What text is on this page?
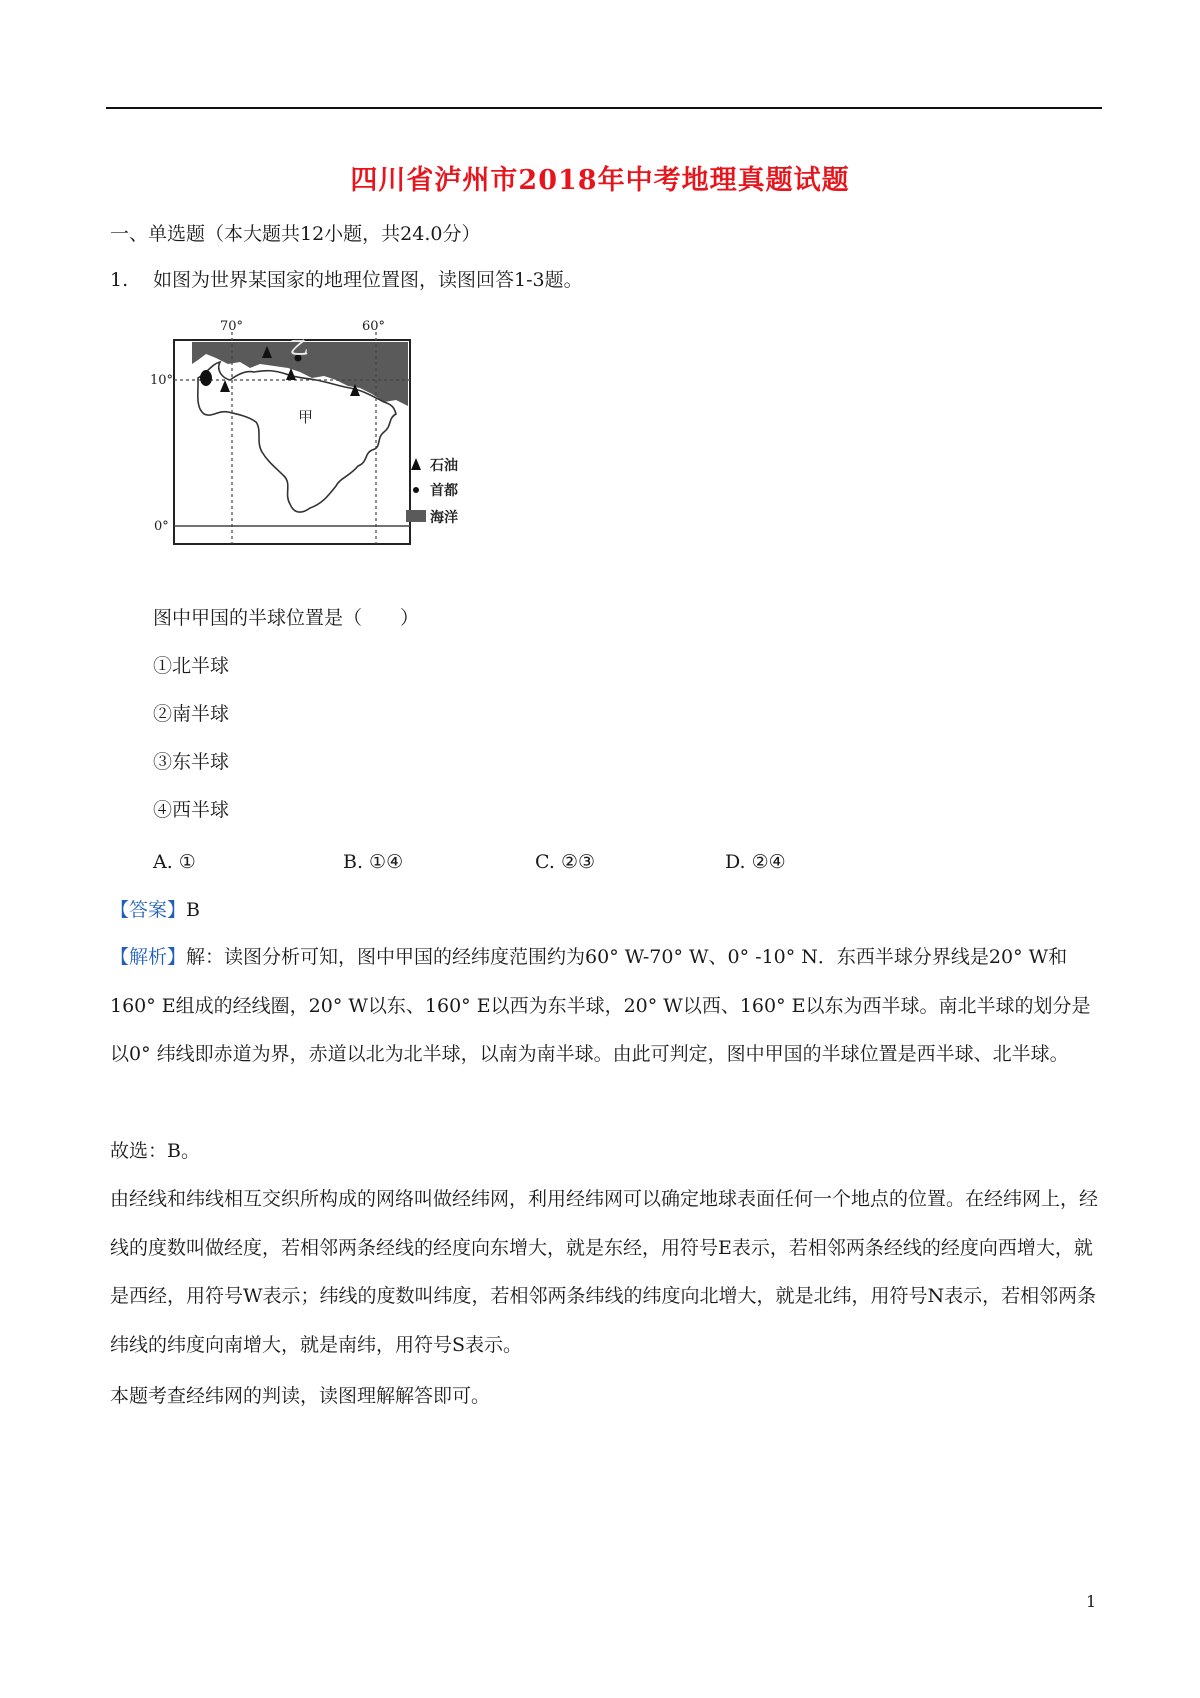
四川省泸州市2018年中考地理真题试题
一、单选题（本大题共12小题，共24.0分）
1. 如图为世界某国家的地理位置图，读图回答1-3题。
70°	60°
10°
0°
甲
乙
石油
首都
海洋
图中甲国的半球位置是（　　）
①北半球
②南半球
③东半球
④西半球
A. ①	B. ①④	C. ②③	D. ②④
【答案】B
【解析】解：读图分析可知，图中甲国的经纬度范围约为60° W-70° W、0° -10° N．东西半球分界线是20° W和160° E组成的经线圈，20° W以东、160° E以西为东半球，20° W以西、160° E以东为西半球。南北半球的划分是以0° 纬线即赤道为界，赤道以北为北半球，以南为南半球。由此可判定，图中甲国的半球位置是西半球、北半球。
故选：B。
由经线和纬线相互交织所构成的网络叫做经纬网，利用经纬网可以确定地球表面任何一个地点的位置。在经纬网上，经线的度数叫做经度，若相邻两条经线的经度向东增大，就是东经，用符号E表示，若相邻两条经线的经度向西增大，就是西经，用符号W表示；纬线的度数叫纬度，若相邻两条纬线的纬度向北增大，就是北纬，用符号N表示，若相邻两条纬线的纬度向南增大，就是南纬，用符号S表示。
本题考查经纬网的判读，读图理解解答即可。
1
